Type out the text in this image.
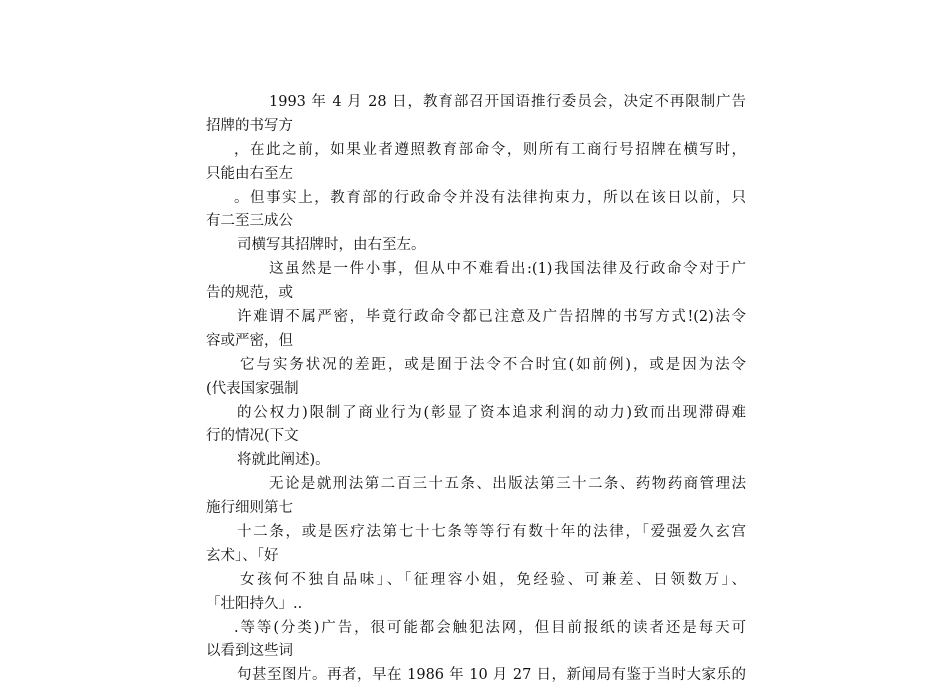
1993 年 4 月 28 日，教育部召开国语推行委员会，决定不再限制广告
招牌的书写方
，在此之前，如果业者遵照教育部命令，则所有工商行号招牌在横写时，
只能由右至左
。但事实上，教育部的行政命令并没有法律拘束力，所以在该日以前，只
有二至三成公
司横写其招牌时，由右至左。
这虽然是一件小事，但从中不难看出:(1)我国法律及行政命令对于广
告的规范，或
许难谓不属严密，毕竟行政命令都已注意及广告招牌的书写方式!(2)法令
容或严密，但
它与实务状况的差距，或是囿于法令不合时宜(如前例)，或是因为法令
(代表国家强制
的公权力)限制了商业行为(彰显了资本追求利润的动力)致而出现滞碍难
行的情况(下文
将就此阐述)。
无论是就刑法第二百三十五条、出版法第三十二条、药物药商管理法
施行细则第七
十二条，或是医疗法第七十七条等等行有数十年的法律，「爱强爱久玄宫
玄术」、「好
女孩何不独自品味」、「征理容小姐，免经验、可兼差、日领数万」、
「壮阳持久」..
.等等(分类)广告，很可能都会触犯法网，但目前报纸的读者还是每天可
以看到这些词
句甚至图片。再者，早在 1986 年 10 月 27 日，新闻局有鉴于当时大家乐的
